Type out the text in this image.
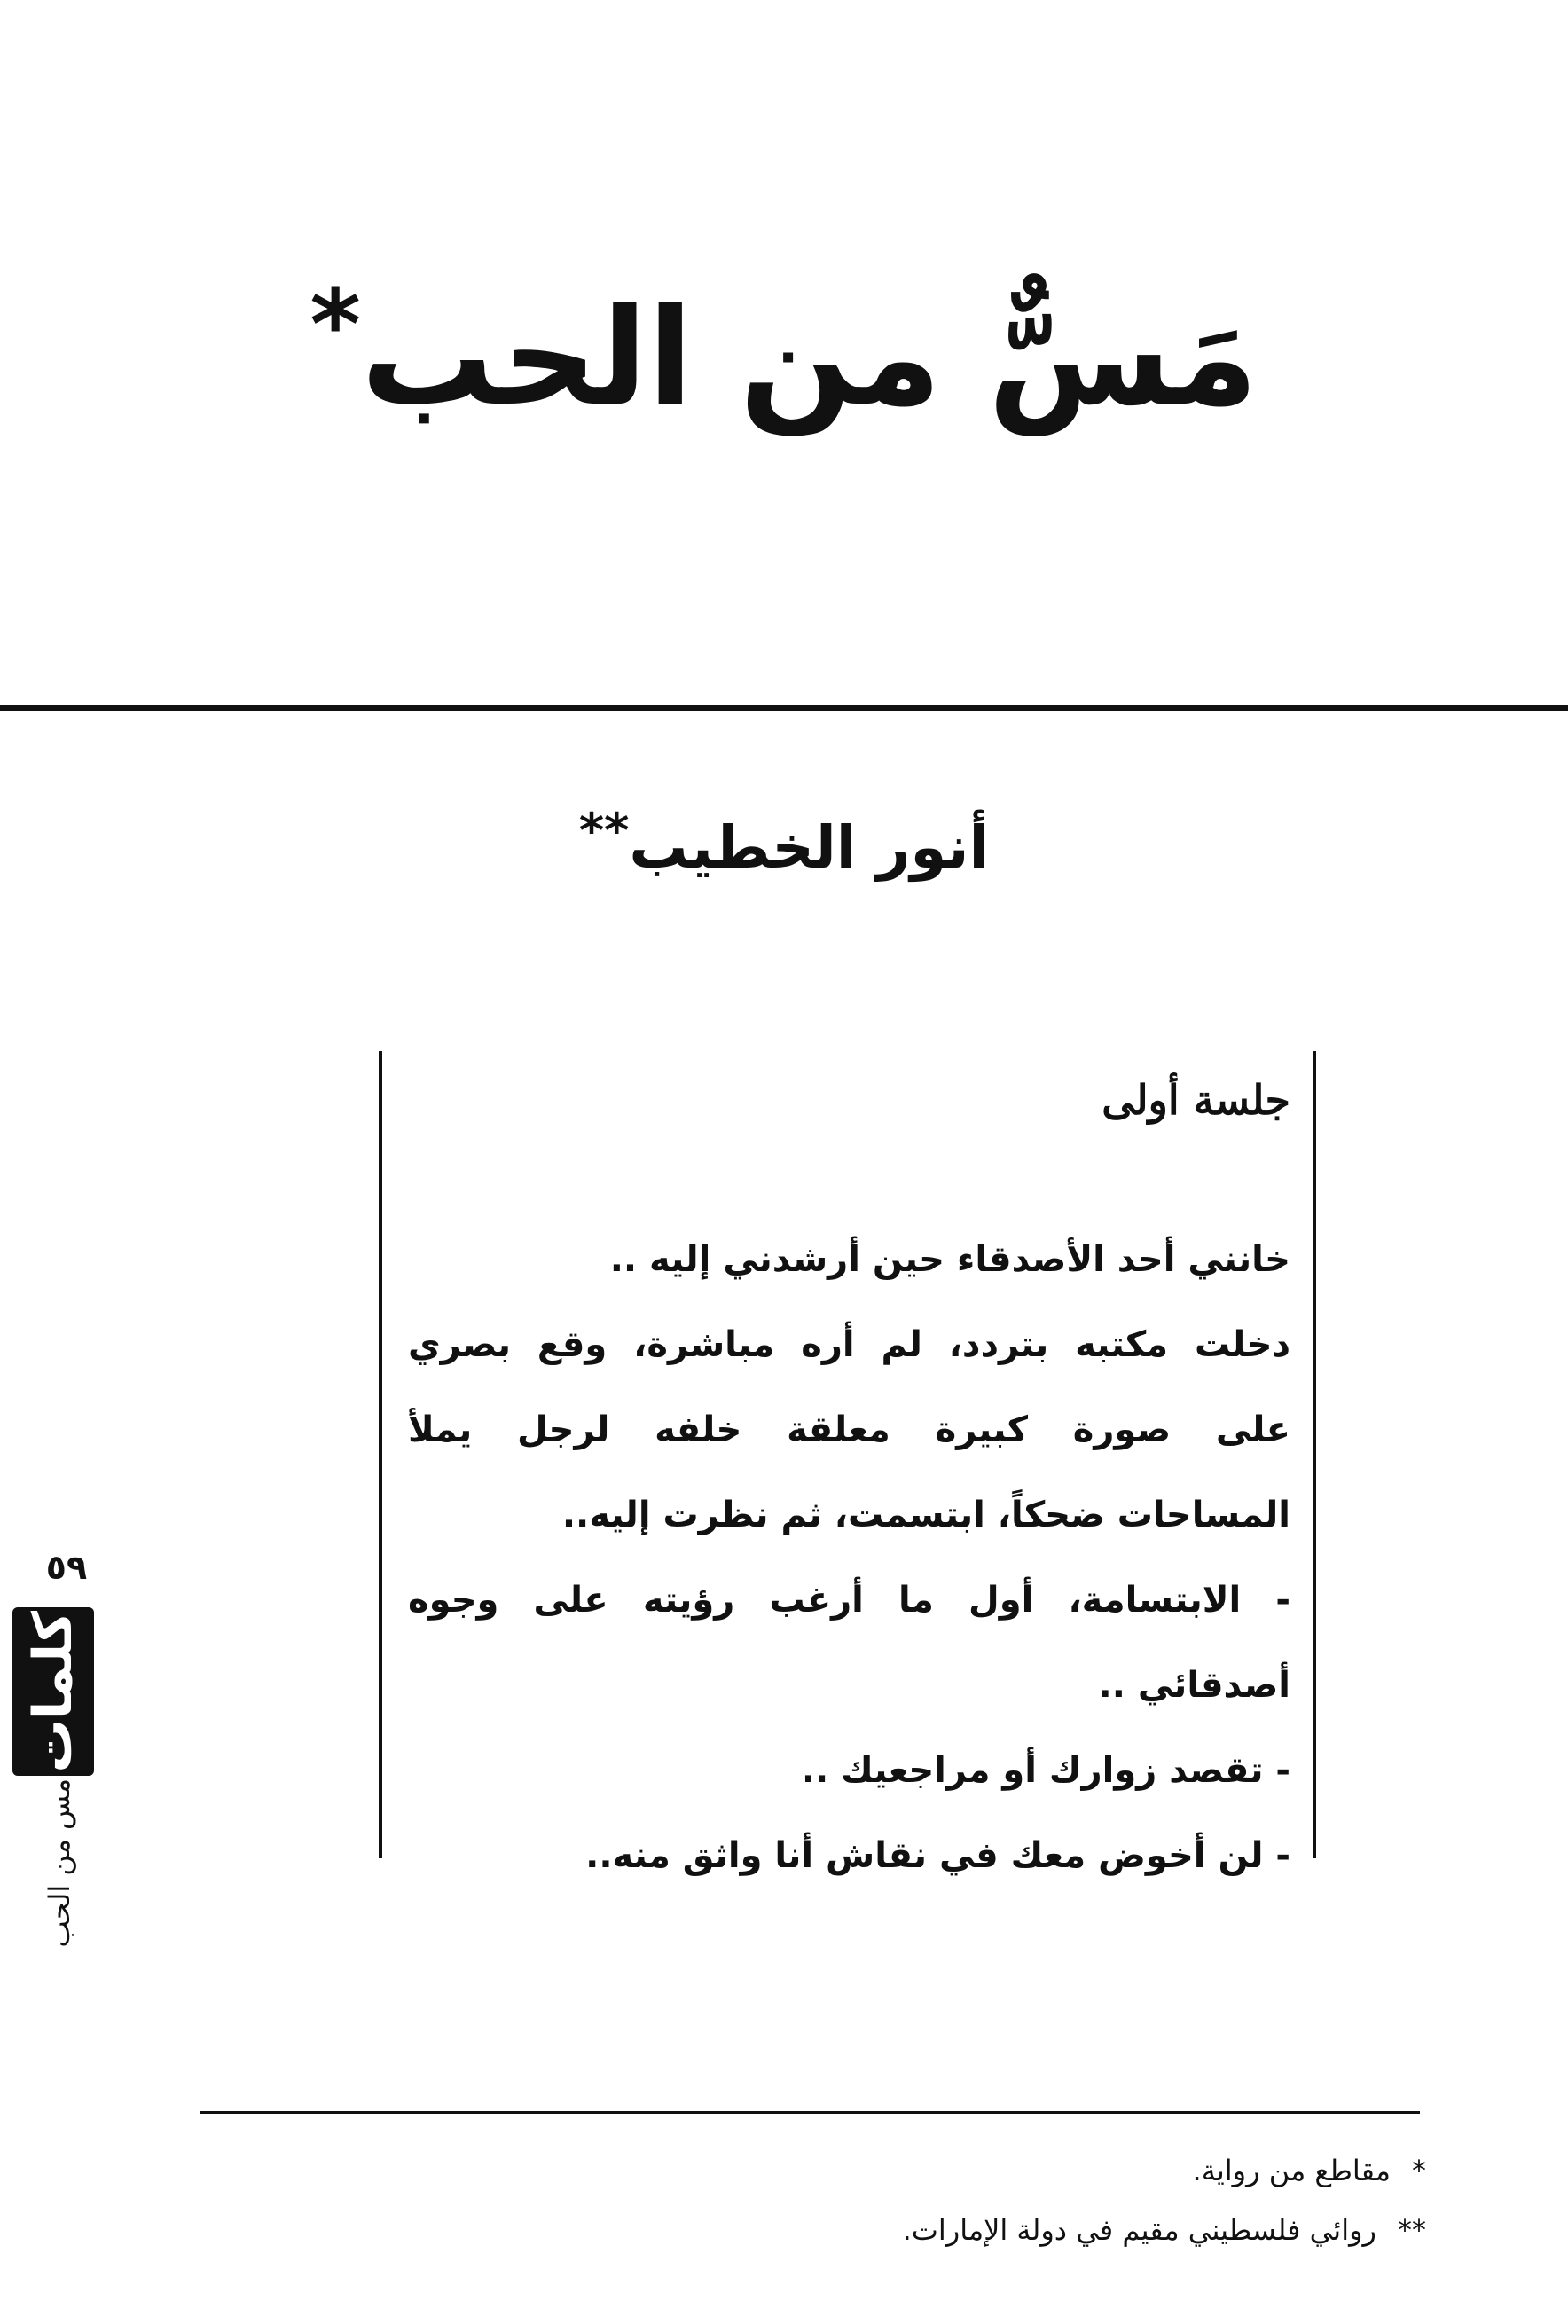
مَسٌّ من الحب*
أنور الخطيب**
جلسة أولى
خانني أحد الأصدقاء حين أرشدني إليه ..
دخلت مكتبه بتردد، لم أره مباشرة، وقع بصري
على صورة كبيرة معلقة خلفه لرجل يملأ
المساحات ضحكاً، ابتسمت، ثم نظرت إليه..
- الابتسامة، أول ما أرغب رؤيته على وجوه
أصدقائي ..
- تقصد زوارك أو مراجعيك ..
- لن أخوض معك في نقاش أنا واثق منه..
٥٩
كلمات
مس من الحب
*مقاطع من رواية.
**روائي فلسطيني مقيم في دولة الإمارات.
